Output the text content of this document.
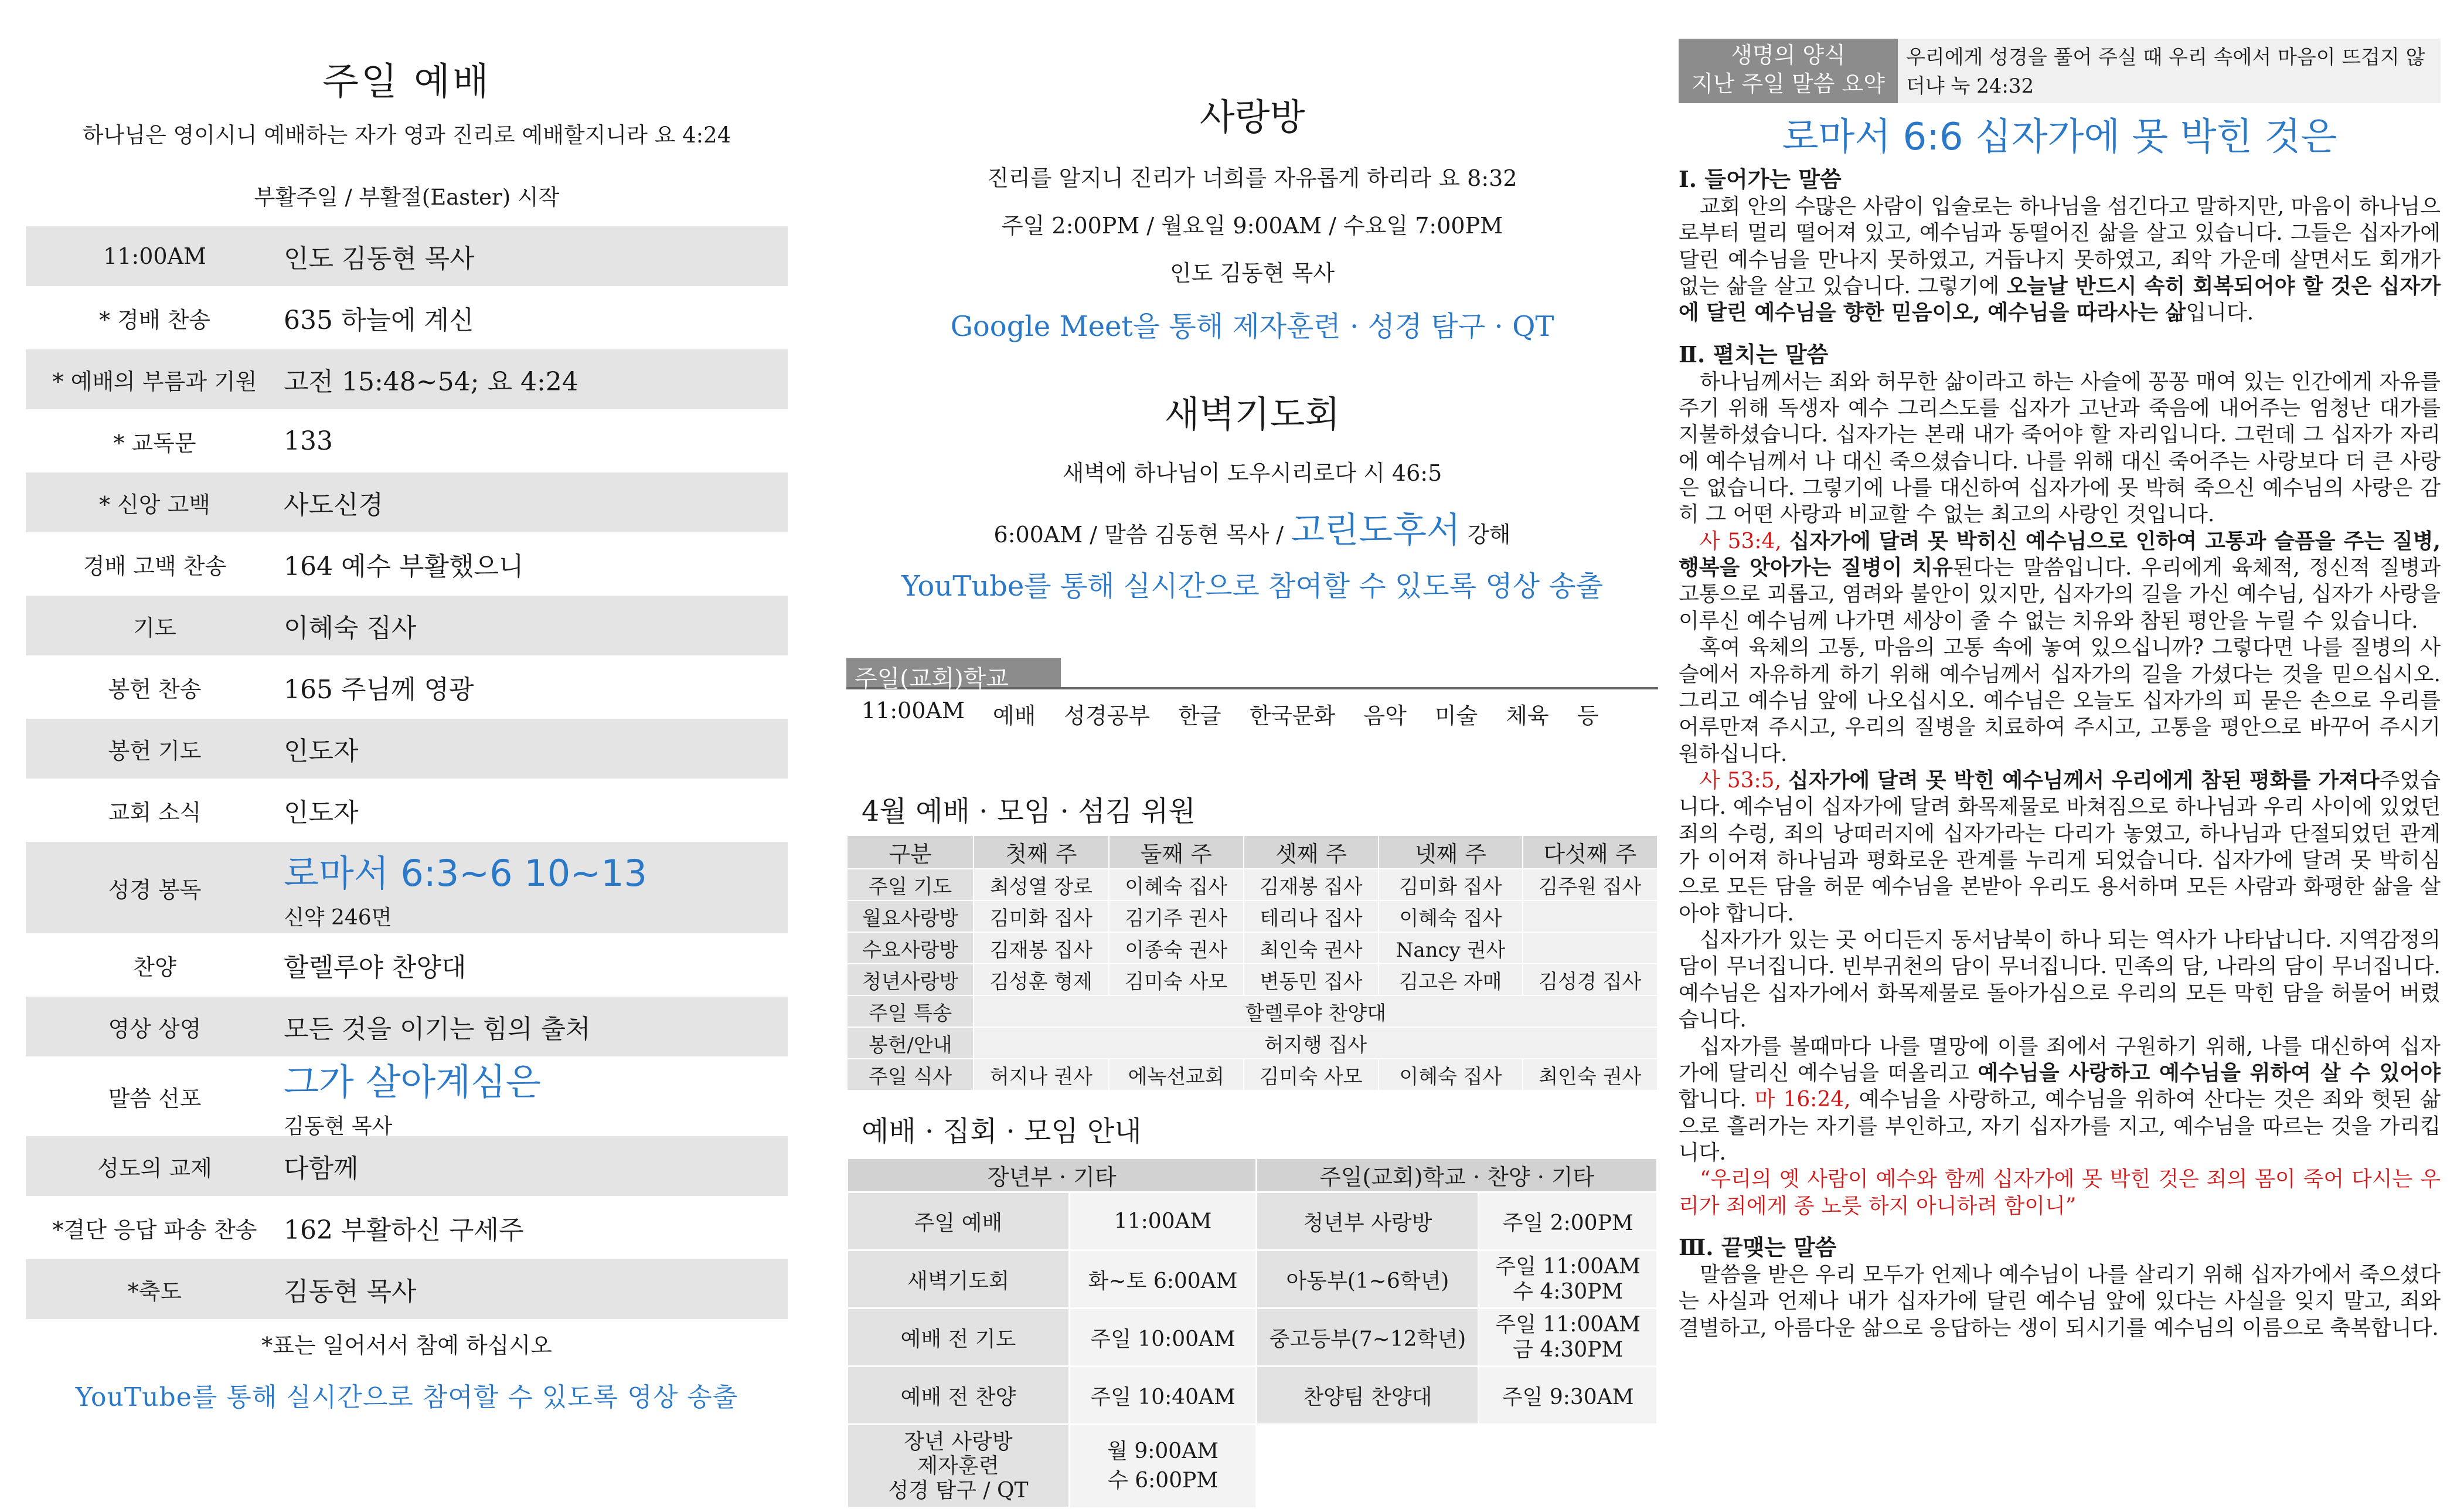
주일 예배
하나님은 영이시니 예배하는 자가 영과 진리로 예배할지니라 요 4:24
부활주일 / 부활절(Easter) 시작
11:00AM	인도 김동현 목사
* 경배 찬송	635 하늘에 계신
* 예배의 부름과 기원	고전 15:48~54; 요 4:24
* 교독문	133
* 신앙 고백	사도신경
경배 고백 찬송	164 예수 부활했으니
기도	이혜숙 집사
봉헌 찬송	165 주님께 영광
봉헌 기도	인도자
교회 소식	인도자
성경 봉독	로마서 6:3~6 10~13
신약 246면
찬양	할렐루야 찬양대
영상 상영	모든 것을 이기는 힘의 출처
말씀 선포	그가 살아계심은
김동현 목사
성도의 교제	다함께
*결단 응답 파송 찬송	162 부활하신 구세주
*축도	김동현 목사
*표는 일어서서 참예 하십시오
YouTube를 통해 실시간으로 참여할 수 있도록 영상 송출
사랑방
진리를 알지니 진리가 너희를 자유롭게 하리라 요 8:32
주일 2:00PM / 월요일 9:00AM / 수요일 7:00PM
인도 김동현 목사
Google Meet을 통해 제자훈련 · 성경 탐구 · QT
새벽기도회
새벽에 하나님이 도우시리로다 시 46:5
6:00AM / 말씀 김동현 목사 / 고린도후서 강해
YouTube를 통해 실시간으로 참여할 수 있도록 영상 송출
주일(교회)학교
11:00AM 예배 성경공부 한글 한국문화 음악 미술 체육 등
4월 예배 · 모임 · 섬김 위원
구분	첫째 주	둘째 주	셋째 주	넷째 주	다섯째 주
주일 기도	최성열 장로	이혜숙 집사	김재봉 집사	김미화 집사	김주원 집사
월요사랑방	김미화 집사	김기주 권사	테리나 집사	이혜숙 집사	
수요사랑방	김재봉 집사	이종숙 권사	최인숙 권사	Nancy 권사	
청년사랑방	김성훈 형제	김미숙 사모	변동민 집사	김고은 자매	김성경 집사
주일 특송	할렐루야 찬양대				
봉헌/안내	허지행 집사				
주일 식사	허지나 권사	에녹선교회	김미숙 사모	이혜숙 집사	최인숙 권사
예배 · 집회 · 모임 안내
장년부 · 기타		주일(교회)학교 · 찬양 · 기타	
주일 예배	11:00AM	청년부 사랑방	주일 2:00PM
새벽기도회	화~토 6:00AM	아동부(1~6학년)	주일 11:00AM
수 4:30PM
예배 전 기도	주일 10:00AM	중고등부(7~12학년)	주일 11:00AM
금 4:30PM
예배 전 찬양	주일 10:40AM	찬양팀 찬양대	주일 9:30AM
장년 사랑방
제자훈련
성경 탐구 / QT	월 9:00AM
수 6:00PM		
생명의 양식
지난 주일 말씀 요약
우리에게 성경을 풀어 주실 때 우리 속에서 마음이 뜨겁지 않더냐 눅 24:32
로마서 6:6 십자가에 못 박힌 것은
Ⅰ. 들어가는 말씀

교회 안의 수많은 사람이 입술로는 하나님을 섬긴다고 말하지만, 마음이 하나님으로부터 멀리 떨어져 있고, 예수님과 동떨어진 삶을 살고 있습니다. 그들은 십자가에 달린 예수님을 만나지 못하였고, 거듭나지 못하였고, 죄악 가운데 살면서도 회개가 없는 삶을 살고 있습니다. 그렇기에 오늘날 반드시 속히 회복되어야 할 것은 십자가에 달린 예수님을 향한 믿음이오, 예수님을 따라사는 삶입니다.

Ⅱ. 펼치는 말씀

하나님께서는 죄와 허무한 삶이라고 하는 사슬에 꽁꽁 매여 있는 인간에게 자유를 주기 위해 독생자 예수 그리스도를 십자가 고난과 죽음에 내어주는 엄청난 대가를 지불하셨습니다. 십자가는 본래 내가 죽어야 할 자리입니다. 그런데 그 십자가 자리에 예수님께서 나 대신 죽으셨습니다. 나를 위해 대신 죽어주는 사랑보다 더 큰 사랑은 없습니다. 그렇기에 나를 대신하여 십자가에 못 박혀 죽으신 예수님의 사랑은 감히 그 어떤 사랑과 비교할 수 없는 최고의 사랑인 것입니다.

사 53:4, 십자가에 달려 못 박히신 예수님으로 인하여 고통과 슬픔을 주는 질병, 행복을 앗아가는 질병이 치유된다는 말씀입니다. 우리에게 육체적, 정신적 질병과 고통으로 괴롭고, 염려와 불안이 있지만, 십자가의 길을 가신 예수님, 십자가 사랑을 이루신 예수님께 나가면 세상이 줄 수 없는 치유와 참된 평안을 누릴 수 있습니다.

혹여 육체의 고통, 마음의 고통 속에 놓여 있으십니까? 그렇다면 나를 질병의 사슬에서 자유하게 하기 위해 예수님께서 십자가의 길을 가셨다는 것을 믿으십시오. 그리고 예수님 앞에 나오십시오. 예수님은 오늘도 십자가의 피 묻은 손으로 우리를 어루만져 주시고, 우리의 질병을 치료하여 주시고, 고통을 평안으로 바꾸어 주시기 원하십니다.

사 53:5, 십자가에 달려 못 박힌 예수님께서 우리에게 참된 평화를 가져다주었습니다. 예수님이 십자가에 달려 화목제물로 바쳐짐으로 하나님과 우리 사이에 있었던 죄의 수렁, 죄의 낭떠러지에 십자가라는 다리가 놓였고, 하나님과 단절되었던 관계가 이어져 하나님과 평화로운 관계를 누리게 되었습니다. 십자가에 달려 못 박히심으로 모든 담을 허문 예수님을 본받아 우리도 용서하며 모든 사람과 화평한 삶을 살아야 합니다.

십자가가 있는 곳 어디든지 동서남북이 하나 되는 역사가 나타납니다. 지역감정의 담이 무너집니다. 빈부귀천의 담이 무너집니다. 민족의 담, 나라의 담이 무너집니다. 예수님은 십자가에서 화목제물로 돌아가심으로 우리의 모든 막힌 담을 허물어 버렸습니다.

십자가를 볼때마다 나를 멸망에 이를 죄에서 구원하기 위해, 나를 대신하여 십자가에 달리신 예수님을 떠올리고 예수님을 사랑하고 예수님을 위하여 살 수 있어야 합니다. 마 16:24, 예수님을 사랑하고, 예수님을 위하여 산다는 것은 죄와 헛된 삶으로 흘러가는 자기를 부인하고, 자기 십자가를 지고, 예수님을 따르는 것을 가리킵니다.

“우리의 옛 사람이 예수와 함께 십자가에 못 박힌 것은 죄의 몸이 죽어 다시는 우리가 죄에게 종 노릇 하지 아니하려 함이니”

Ⅲ. 끝맺는 말씀

말씀을 받은 우리 모두가 언제나 예수님이 나를 살리기 위해 십자가에서 죽으셨다는 사실과 언제나 내가 십자가에 달린 예수님 앞에 있다는 사실을 잊지 말고, 죄와 결별하고, 아름다운 삶으로 응답하는 생이 되시기를 예수님의 이름으로 축복합니다.
